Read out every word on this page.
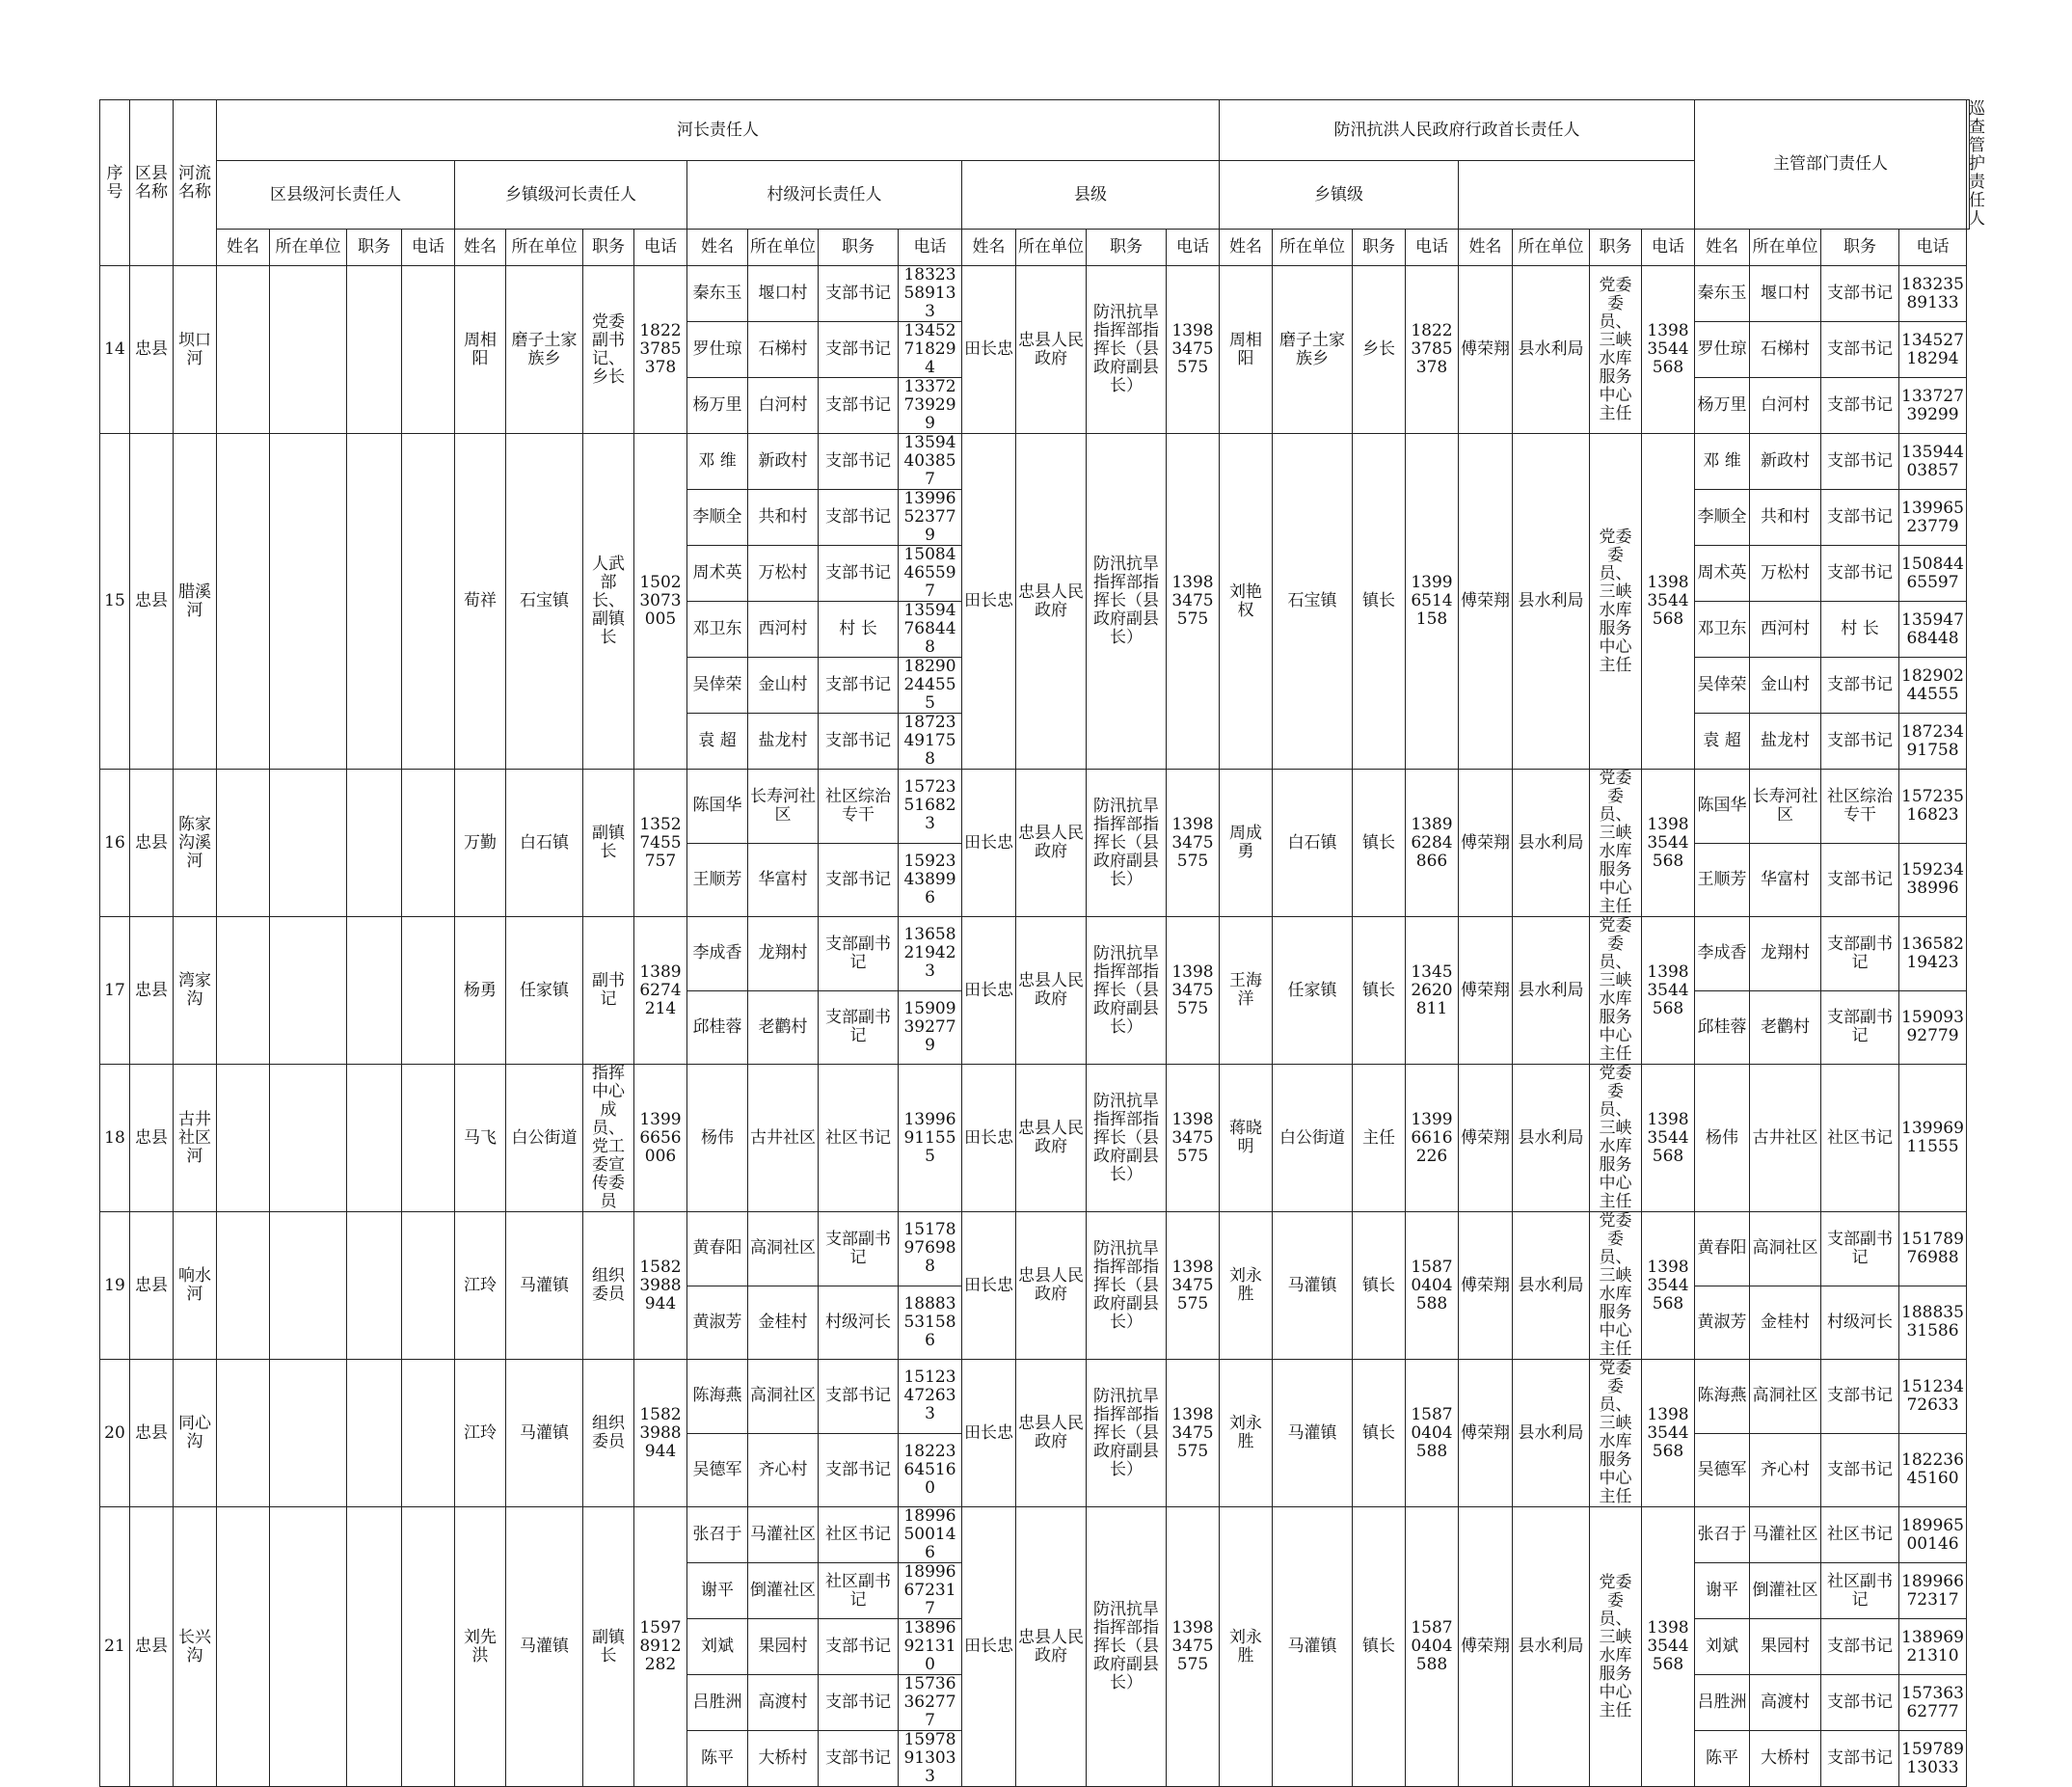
序号	区县名称	河流名称	河长责任人																防汛抗洪人民政府行政首长责任人								主管部门责任人				巡查管护责任人
			区县级河长责任人				乡镇级河长责任人				村级河长责任人				县级				乡镇级												
			姓名	所在单位	职务	电话	姓名	所在单位	职务	电话	姓名	所在单位	职务	电话	姓名	所在单位	职务	电话	姓名	所在单位	职务	电话	姓名	所在单位	职务	电话	姓名	所在单位	职务	电话	
14	忠县	坝口河					周相阳	磨子土家族乡	党委副书记、乡长	18223785378	秦东玉	堰口村	支部书记	18323589133	田长忠	忠县人民政府	防汛抗旱指挥部指挥长（县政府副县长）	13983475575	周相阳	磨子土家族乡	乡长	18223785378	傅荣翔	县水利局	党委委员、三峡水库服务中心主任	13983544568	秦东玉	堰口村	支部书记	18323589133	
											罗仕琼	石梯村	支部书记	13452718294													罗仕琼	石梯村	支部书记	13452718294	
											杨万里	白河村	支部书记	13372739299													杨万里	白河村	支部书记	13372739299	
15	忠县	腊溪河					荀祥	石宝镇	人武部长、副镇长	15023073005	邓 维	新政村	支部书记	13594403857	田长忠	忠县人民政府	防汛抗旱指挥部指挥长（县政府副县长）	13983475575	刘艳权	石宝镇	镇长	13996514158	傅荣翔	县水利局	党委委员、三峡水库服务中心主任	13983544568	邓 维	新政村	支部书记	13594403857	
											李顺全	共和村	支部书记	13996523779													李顺全	共和村	支部书记	13996523779	
											周术英	万松村	支部书记	15084465597													周术英	万松村	支部书记	15084465597	
											邓卫东	西河村	村 长	13594768448													邓卫东	西河村	村 长	13594768448	
											吴倖荣	金山村	支部书记	18290244555													吴倖荣	金山村	支部书记	18290244555	
											袁 超	盐龙村	支部书记	18723491758													袁 超	盐龙村	支部书记	18723491758	
16	忠县	陈家沟溪河					万勤	白石镇	副镇长	13527455757	陈国华	长寿河社区	社区综治专干	15723516823	田长忠	忠县人民政府	防汛抗旱指挥部指挥长（县政府副县长）	13983475575	周成勇	白石镇	镇长	13896284866	傅荣翔	县水利局	党委委员、三峡水库服务中心主任	13983544568	陈国华	长寿河社区	社区综治专干	15723516823	
											王顺芳	华富村	支部书记	15923438996													王顺芳	华富村	支部书记	15923438996	
17	忠县	湾家沟					杨勇	任家镇	副书记	13896274214	李成香	龙翔村	支部副书记	13658219423	田长忠	忠县人民政府	防汛抗旱指挥部指挥长（县政府副县长）	13983475575	王海洋	任家镇	镇长	13452620811	傅荣翔	县水利局	党委委员、三峡水库服务中心主任	13983544568	李成香	龙翔村	支部副书记	13658219423	
											邱桂蓉	老鹳村	支部副书记	15909392779													邱桂蓉	老鹳村	支部副书记	15909392779	
18	忠县	古井社区河					马飞	白公街道	指挥中心成员、党工委宣传委员	13996656006	杨伟	古井社区	社区书记	13996911555	田长忠	忠县人民政府	防汛抗旱指挥部指挥长（县政府副县长）	13983475575	蒋晓明	白公街道	主任	13996616226	傅荣翔	县水利局	党委委员、三峡水库服务中心主任	13983544568	杨伟	古井社区	社区书记	13996911555	
19	忠县	响水河					江玲	马灌镇	组织委员	15823988944	黄春阳	高洞社区	支部副书记	15178976988	田长忠	忠县人民政府	防汛抗旱指挥部指挥长（县政府副县长）	13983475575	刘永胜	马灌镇	镇长	15870404588	傅荣翔	县水利局	党委委员、三峡水库服务中心主任	13983544568	黄春阳	高洞社区	支部副书记	15178976988	
											黄淑芳	金桂村	村级河长	18883531586													黄淑芳	金桂村	村级河长	18883531586	
20	忠县	同心沟					江玲	马灌镇	组织委员	15823988944	陈海燕	高洞社区	支部书记	15123472633	田长忠	忠县人民政府	防汛抗旱指挥部指挥长（县政府副县长）	13983475575	刘永胜	马灌镇	镇长	15870404588	傅荣翔	县水利局	党委委员、三峡水库服务中心主任	13983544568	陈海燕	高洞社区	支部书记	15123472633	
											吴德军	齐心村	支部书记	18223645160													吴德军	齐心村	支部书记	18223645160	
21	忠县	长兴沟					刘先洪	马灌镇	副镇长	15978912282	张召于	马灌社区	社区书记	18996500146	田长忠	忠县人民政府	防汛抗旱指挥部指挥长（县政府副县长）	13983475575	刘永胜	马灌镇	镇长	15870404588	傅荣翔	县水利局	党委委员、三峡水库服务中心主任	13983544568	张召于	马灌社区	社区书记	18996500146	
											谢平	倒灌社区	社区副书记	18996672317													谢平	倒灌社区	社区副书记	18996672317	
											刘斌	果园村	支部书记	13896921310													刘斌	果园村	支部书记	13896921310	
											吕胜洲	高渡村	支部书记	15736362777													吕胜洲	高渡村	支部书记	15736362777	
											陈平	大桥村	支部书记	15978913033													陈平	大桥村	支部书记	15978913033	
